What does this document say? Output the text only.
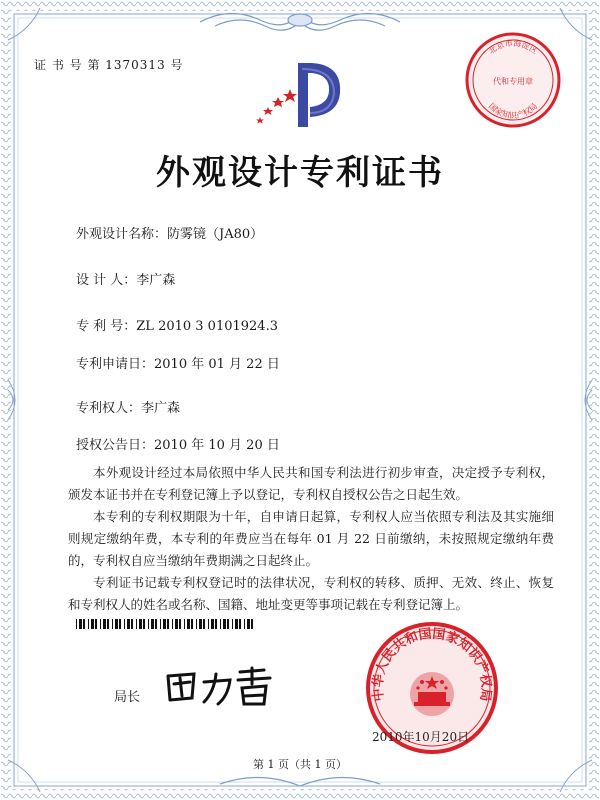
证 书 号 第 1370313 号
外观设计专利证书
外观设计名称：防雾镜（JA80）
设 计 人：李广森
专 利 号：ZL 2010 3 0101924.3
专利申请日：2010 年 01 月 22 日
专利权人：李广森
授权公告日：2010 年 10 月 20 日

本外观设计经过本局依照中华人民共和国专利法进行初步审查，决定授予专利权，颁发本证书并在专利登记簿上予以登记，专利权自授权公告之日起生效。

本专利的专利权期限为十年，自申请日起算，专利权人应当依照专利法及其实施细则规定缴纳年费，本专利的年费应当在每年 01 月 22 日前缴纳，未按照规定缴纳年费的，专利权自应当缴纳年费期满之日起终止。

专利证书记载专利权登记时的法律状况，专利权的转移、质押、无效、终止、恢复和专利权人的姓名或名称、国籍、地址变更等事项记载在专利登记簿上。

局长
北京市海淀区
代和专用章
国家知识产权局
中华人民共和国国家知识产权局
2010年10月20日
第 1 页（共 1 页）
